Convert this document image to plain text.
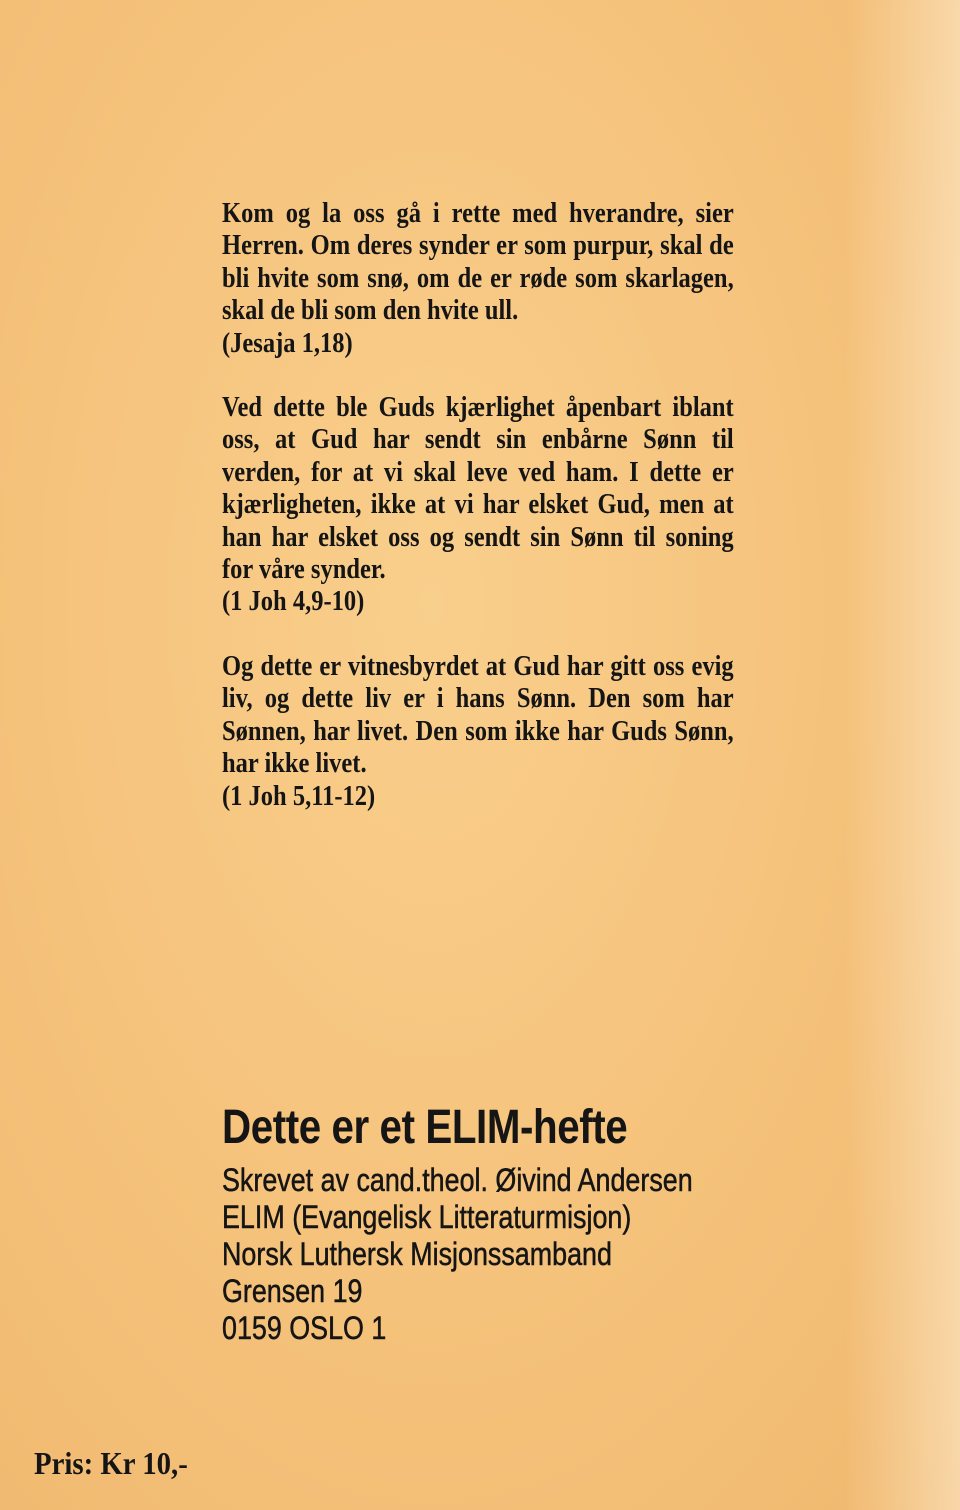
Kom og la oss gå i rette med hverandre, sier Herren. Om deres synder er som purpur, skal de bli hvite som snø, om de er røde som skarlagen, skal de bli som den hvite ull.

(Jesaja 1,18)

Ved dette ble Guds kjærlighet åpenbart iblant oss, at Gud har sendt sin enbårne Sønn til verden, for at vi skal leve ved ham. I dette er kjærligheten, ikke at vi har elsket Gud, men at han har elsket oss og sendt sin Sønn til soning for våre synder.

(1 Joh 4,9-10)

Og dette er vitnesbyrdet at Gud har gitt oss evig liv, og dette liv er i hans Sønn. Den som har Sønnen, har livet. Den som ikke har Guds Sønn, har ikke livet.

(1 Joh 5,11-12)

Dette er et ELIM-hefte

Skrevet av cand.theol. Øivind Andersen

ELIM (Evangelisk Litteraturmisjon)

Norsk Luthersk Misjonssamband

Grensen 19

0159 OSLO 1

Pris: Kr 10,-
